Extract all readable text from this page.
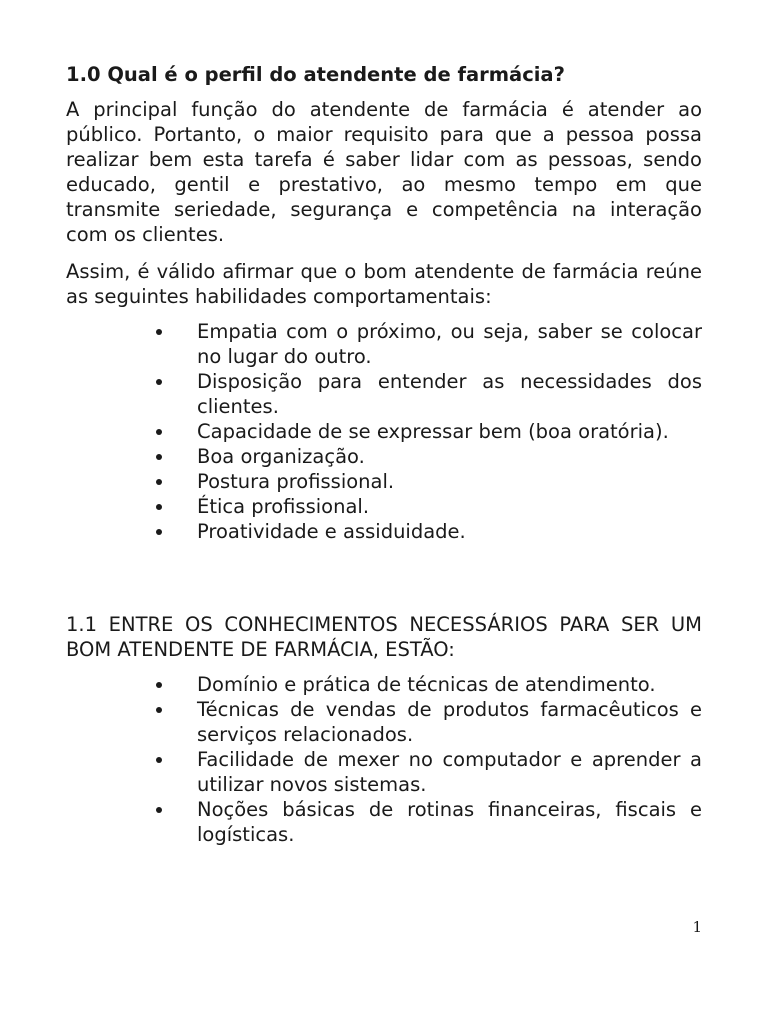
1.0 Qual é o perfil do atendente de farmácia?

A principal função do atendente de farmácia é atender ao público. Portanto, o maior requisito para que a pessoa possa realizar bem esta tarefa é saber lidar com as pessoas, sendo educado, gentil e prestativo, ao mesmo tempo em que transmite seriedade, segurança e competência na interação com os clientes.

Assim, é válido afirmar que o bom atendente de farmácia reúne as seguintes habilidades comportamentais:

Empatia com o próximo, ou seja, saber se colocar no lugar do outro.
Disposição para entender as necessidades dos clientes.
Capacidade de se expressar bem (boa oratória).
Boa organização.
Postura profissional.
Ética profissional.
Proatividade e assiduidade.

1.1 ENTRE OS CONHECIMENTOS NECESSÁRIOS PARA SER UM BOM ATENDENTE DE FARMÁCIA, ESTÃO:

Domínio e prática de técnicas de atendimento.
Técnicas de vendas de produtos farmacêuticos e serviços relacionados.
Facilidade de mexer no computador e aprender a utilizar novos sistemas.
Noções básicas de rotinas financeiras, fiscais e logísticas.
1
